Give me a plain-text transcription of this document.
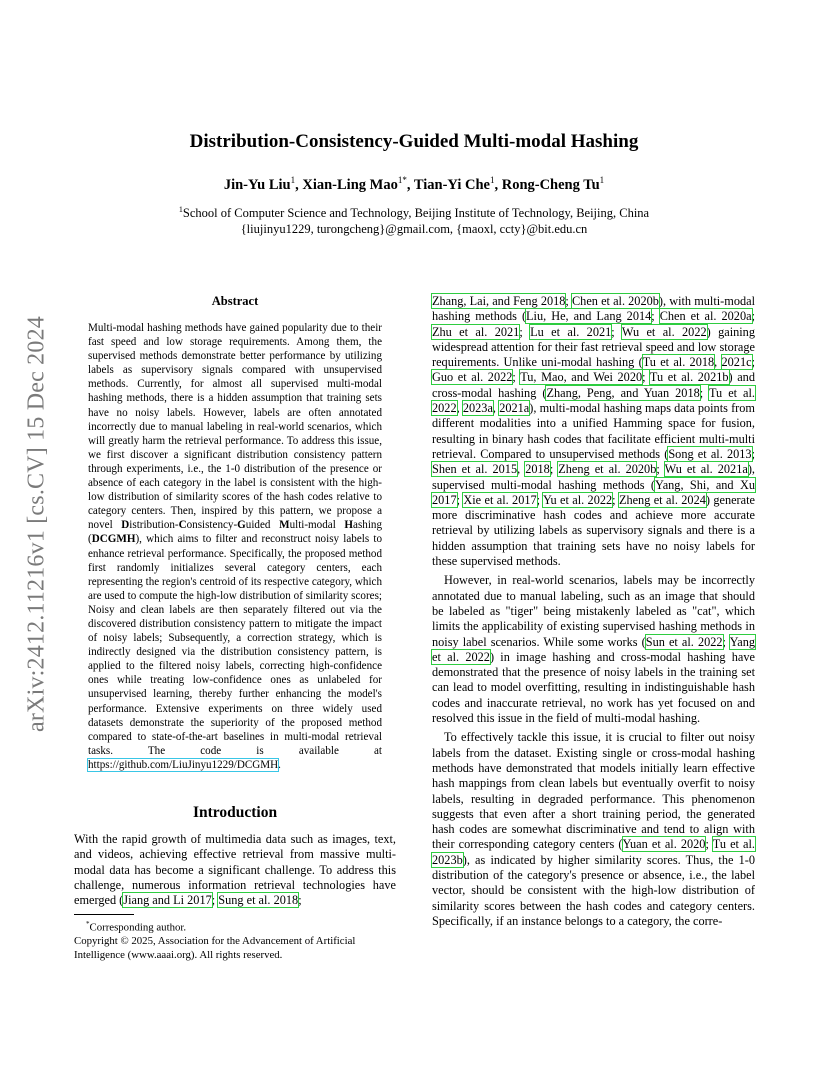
arXiv:2412.11216v1 [cs.CV] 15 Dec 2024
Distribution-Consistency-Guided Multi-modal Hashing
Jin-Yu Liu$^1$, Xian-Ling Mao$^{1*}$, Tian-Yi Che$^1$, Rong-Cheng Tu$^1$
$^1$School of Computer Science and Technology, Beijing Institute of Technology, Beijing, China
{liujinyu1229, turongcheng}@gmail.com, {maoxl, ccty}@bit.edu.cn
Abstract
Multi-modal hashing methods have gained popularity due to their fast speed and low storage requirements. Among them, the supervised methods demonstrate better performance by utilizing labels as supervisory signals compared with unsupervised methods. Currently, for almost all supervised multi-modal hashing methods, there is a hidden assumption that training sets have no noisy labels. However, labels are often annotated incorrectly due to manual labeling in real-world scenarios, which will greatly harm the retrieval performance. To address this issue, we first discover a significant distribution consistency pattern through experiments, i.e., the 1-0 distribution of the presence or absence of each category in the label is consistent with the high-low distribution of similarity scores of the hash codes relative to category centers. Then, inspired by this pattern, we propose a novel Distribution-Consistency-Guided Multi-modal Hashing (DCGMH), which aims to filter and reconstruct noisy labels to enhance retrieval performance. Specifically, the proposed method first randomly initializes several category centers, each representing the region's centroid of its respective category, which are used to compute the high-low distribution of similarity scores; Noisy and clean labels are then separately filtered out via the discovered distribution consistency pattern to mitigate the impact of noisy labels; Subsequently, a correction strategy, which is indirectly designed via the distribution consistency pattern, is applied to the filtered noisy labels, correcting high-confidence ones while treating low-confidence ones as unlabeled for unsupervised learning, thereby further enhancing the model's performance. Extensive experiments on three widely used datasets demonstrate the superiority of the proposed method compared to state-of-the-art baselines in multi-modal retrieval tasks. The code is available at https://github.com/LiuJinyu1229/DCGMH.
Introduction

With the rapid growth of multimedia data such as images, text, and videos, achieving effective retrieval from massive multi-modal data has become a significant challenge. To address this challenge, numerous information retrieval technologies have emerged (Jiang and Li 2017; Sung et al. 2018;

*Corresponding author.
Copyright © 2025, Association for the Advancement of Artificial Intelligence (www.aaai.org). All rights reserved.

Zhang, Lai, and Feng 2018; Chen et al. 2020b), with multi-modal hashing methods (Liu, He, and Lang 2014; Chen et al. 2020a; Zhu et al. 2021; Lu et al. 2021; Wu et al. 2022) gaining widespread attention for their fast retrieval speed and low storage requirements. Unlike uni-modal hashing (Tu et al. 2018, 2021c; Guo et al. 2022; Tu, Mao, and Wei 2020; Tu et al. 2021b) and cross-modal hashing (Zhang, Peng, and Yuan 2018; Tu et al. 2022, 2023a, 2021a), multi-modal hashing maps data points from different modalities into a unified Hamming space for fusion, resulting in binary hash codes that facilitate efficient multi-multi retrieval. Compared to unsupervised methods (Song et al. 2013; Shen et al. 2015, 2018; Zheng et al. 2020b; Wu et al. 2021a), supervised multi-modal hashing methods (Yang, Shi, and Xu 2017; Xie et al. 2017; Yu et al. 2022; Zheng et al. 2024) generate more discriminative hash codes and achieve more accurate retrieval by utilizing labels as supervisory signals and there is a hidden assumption that training sets have no noisy labels for these supervised methods.

However, in real-world scenarios, labels may be incorrectly annotated due to manual labeling, such as an image that should be labeled as "tiger" being mistakenly labeled as "cat", which limits the applicability of existing supervised hashing methods in noisy label scenarios. While some works (Sun et al. 2022; Yang et al. 2022) in image hashing and cross-modal hashing have demonstrated that the presence of noisy labels in the training set can lead to model overfitting, resulting in indistinguishable hash codes and inaccurate retrieval, no work has yet focused on and resolved this issue in the field of multi-modal hashing.

To effectively tackle this issue, it is crucial to filter out noisy labels from the dataset. Existing single or cross-modal hashing methods have demonstrated that models initially learn effective hash mappings from clean labels but eventually overfit to noisy labels, resulting in degraded performance. This phenomenon suggests that even after a short training period, the generated hash codes are somewhat discriminative and tend to align with their corresponding category centers (Yuan et al. 2020; Tu et al. 2023b), as indicated by higher similarity scores. Thus, the 1-0 distribution of the category's presence or absence, i.e., the label vector, should be consistent with the high-low distribution of similarity scores between the hash codes and category centers. Specifically, if an instance belongs to a category, the corre-
